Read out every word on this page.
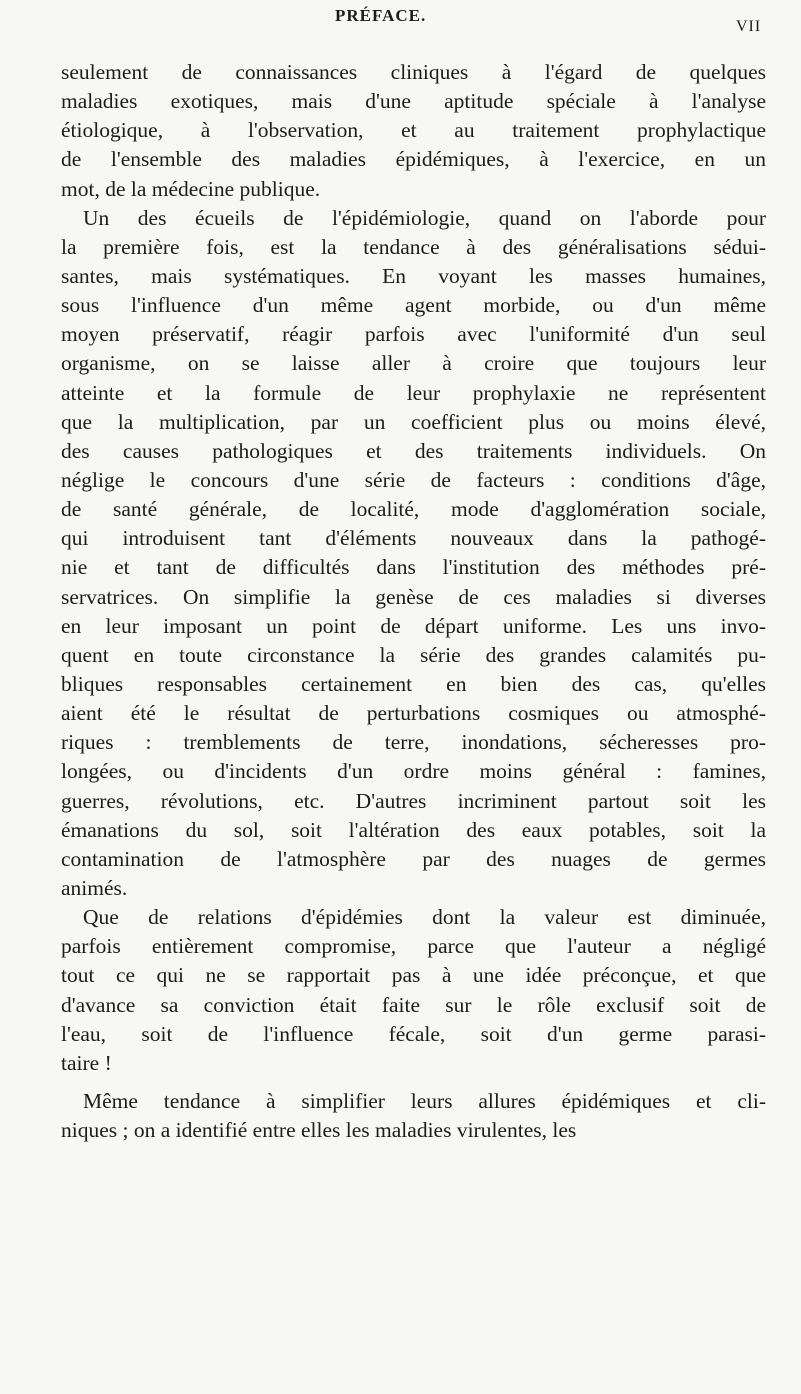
PRÉFACE.
VII
seulement de connaissances cliniques à l'égard de quelques
maladies exotiques, mais d'une aptitude spéciale à l'analyse
étiologique, à l'observation, et au traitement prophylactique
de l'ensemble des maladies épidémiques, à l'exercice, en un
mot, de la médecine publique.
Un des écueils de l'épidémiologie, quand on l'aborde pour
la première fois, est la tendance à des généralisations sédui-
santes, mais systématiques. En voyant les masses humaines,
sous l'influence d'un même agent morbide, ou d'un même
moyen préservatif, réagir parfois avec l'uniformité d'un seul
organisme, on se laisse aller à croire que toujours leur
atteinte et la formule de leur prophylaxie ne représentent
que la multiplication, par un coefficient plus ou moins élevé,
des causes pathologiques et des traitements individuels. On
néglige le concours d'une série de facteurs : conditions d'âge,
de santé générale, de localité, mode d'agglomération sociale,
qui introduisent tant d'éléments nouveaux dans la pathogé-
nie et tant de difficultés dans l'institution des méthodes pré-
servatrices. On simplifie la genèse de ces maladies si diverses
en leur imposant un point de départ uniforme. Les uns invo-
quent en toute circonstance la série des grandes calamités pu-
bliques responsables certainement en bien des cas, qu'elles
aient été le résultat de perturbations cosmiques ou atmosphé-
riques : tremblements de terre, inondations, sécheresses pro-
longées, ou d'incidents d'un ordre moins général : famines,
guerres, révolutions, etc. D'autres incriminent partout soit les
émanations du sol, soit l'altération des eaux potables, soit la
contamination de l'atmosphère par des nuages de germes
animés.
Que de relations d'épidémies dont la valeur est diminuée,
parfois entièrement compromise, parce que l'auteur a négligé
tout ce qui ne se rapportait pas à une idée préconçue, et que
d'avance sa conviction était faite sur le rôle exclusif soit de
l'eau, soit de l'influence fécale, soit d'un germe parasi-
taire !
Même tendance à simplifier leurs allures épidémiques et cli-
niques ; on a identifié entre elles les maladies virulentes, les
